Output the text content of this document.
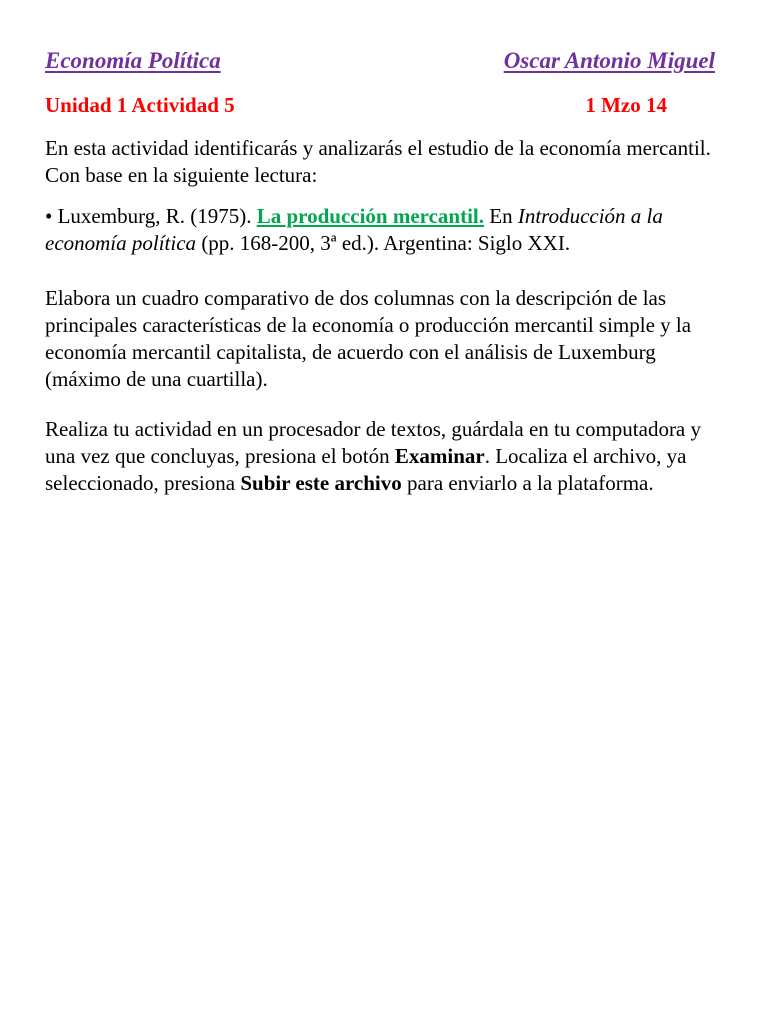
Economía Política	Oscar Antonio Miguel
Unidad 1 Actividad 5	1 Mzo 14

En esta actividad identificarás y analizarás el estudio de la economía mercantil. Con base en la siguiente lectura:

• Luxemburg, R. (1975). La producción mercantil. En Introducción a la economía política (pp. 168-200, 3ª ed.). Argentina: Siglo XXI.

Elabora un cuadro comparativo de dos columnas con la descripción de las principales características de la economía o producción mercantil simple y la economía mercantil capitalista, de acuerdo con el análisis de Luxemburg (máximo de una cuartilla).

Realiza tu actividad en un procesador de textos, guárdala en tu computadora y una vez que concluyas, presiona el botón Examinar. Localiza el archivo, ya seleccionado, presiona Subir este archivo para enviarlo a la plataforma.
